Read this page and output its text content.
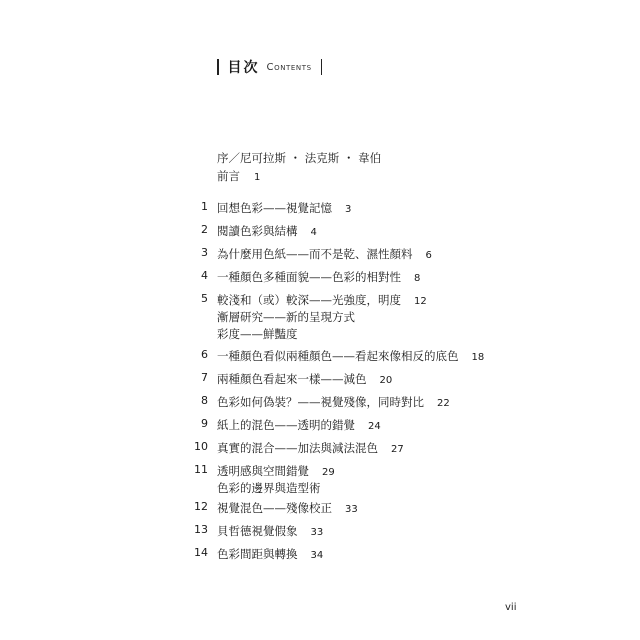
目次 Contents
序／尼可拉斯 ・ 法克斯 ・ 韋伯
前言 1
1 回想色彩——視覺記憶 3
2 閱讀色彩與結構 4
3 為什麼用色紙——而不是乾、濕性顏料 6
4 一種顏色多種面貌——色彩的相對性 8
5 較淺和（或）較深——光強度，明度 12
漸層研究——新的呈現方式
彩度——鮮豔度
6 一種顏色看似兩種顏色——看起來像相反的底色 18
7 兩種顏色看起來一樣——減色 20
8 色彩如何偽裝？——視覺殘像，同時對比 22
9 紙上的混色——透明的錯覺 24
10 真實的混合——加法與減法混色 27
11 透明感與空間錯覺 29
色彩的邊界與造型術
12 視覺混色——殘像校正 33
13 貝哲德視覺假象 33
14 色彩間距與轉換 34
vii
